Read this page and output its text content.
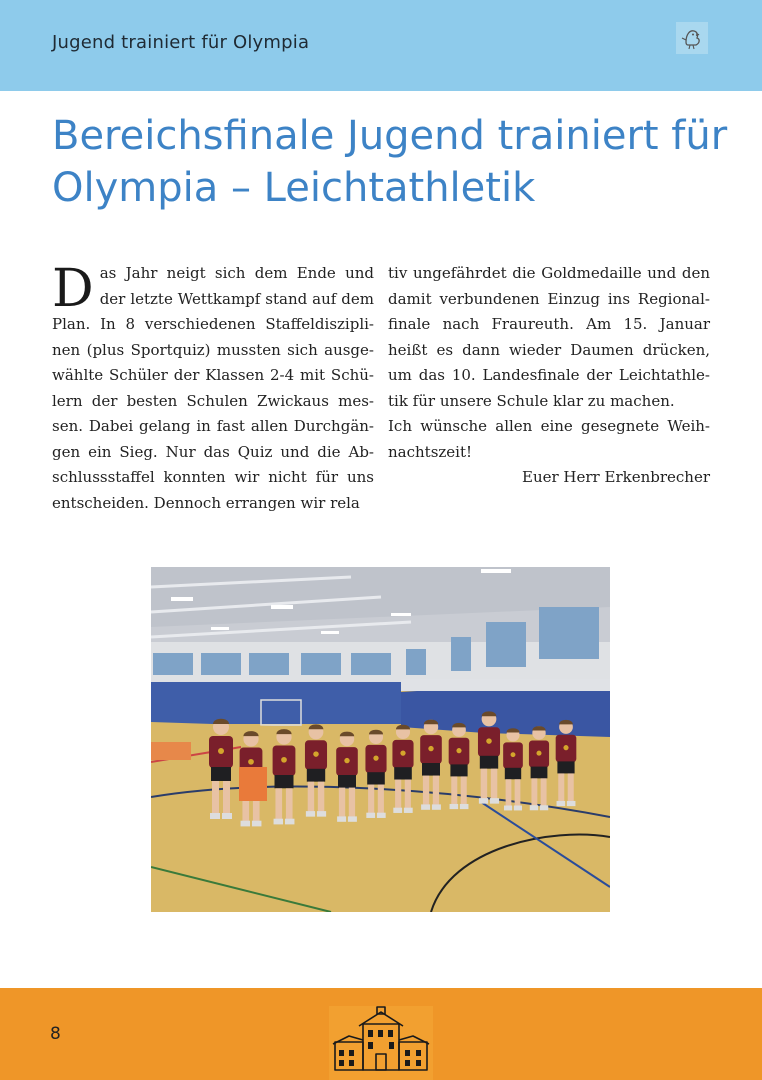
Jugend trainiert für Olympia
Bereichsfinale Jugend trainiert für Olympia – Leichtathletik
D as Jahr neigt sich dem Ende und der letzte Wettkampf stand auf dem Plan. In 8 verschiedenen Staffeldisziplinen (plus Sportquiz) mussten sich ausgewählte Schüler der Klassen 2-4 mit Schülern der besten Schulen Zwickaus messen. Dabei gelang in fast allen Durchgängen ein Sieg. Nur das Quiz und die Abschlussstaffel konnten wir nicht für uns entscheiden. Dennoch errangen wir rela

tiv ungefährdet die Goldmedaille und den damit verbundenen Einzug ins Regionalfinale nach Fraureuth. Am 15. Januar heißt es dann wieder Daumen drücken, um das 10. Landesfinale der Leichtathletik für unsere Schule klar zu machen.

Ich wünsche allen eine gesegnete Weihnachtszeit!

Euer Herr Erkenbrecher

8
